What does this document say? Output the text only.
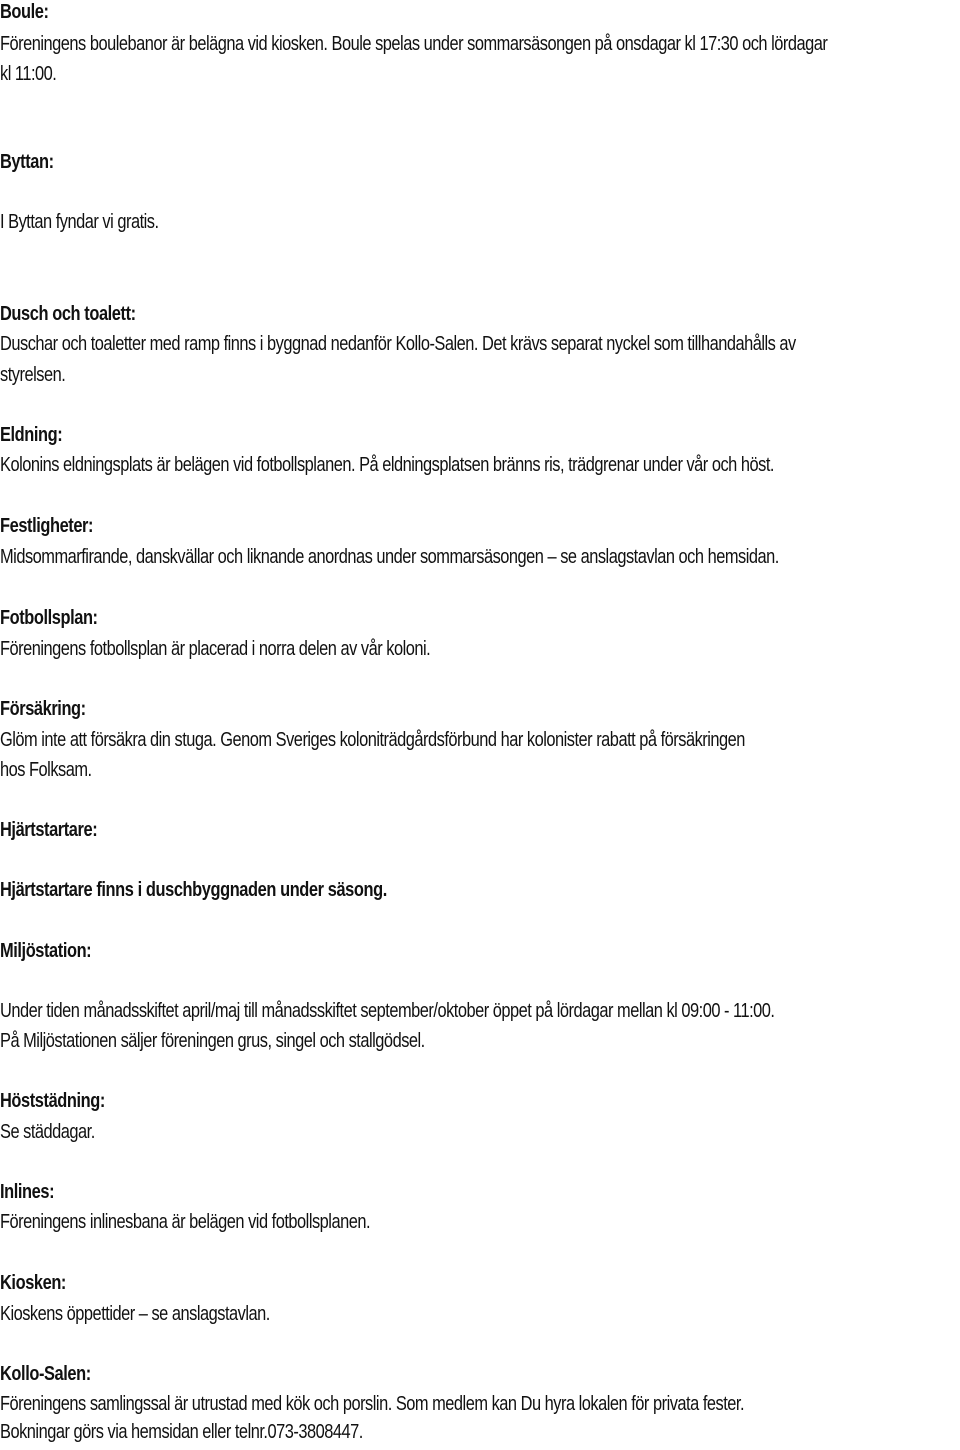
Boule:

Föreningens boulebanor är belägna vid kiosken. Boule spelas under sommarsäsongen på onsdagar kl 17:30 och lördagar

kl 11:00.

Byttan:

I Byttan fyndar vi gratis.

Dusch och toalett:

Duschar och toaletter med ramp finns i byggnad nedanför Kollo-Salen. Det krävs separat nyckel som tillhandahålls av

styrelsen.

Eldning:

Kolonins eldningsplats är belägen vid fotbollsplanen. På eldningsplatsen bränns ris, trädgrenar under vår och höst.

Festligheter:

Midsommarfirande, danskvällar och liknande anordnas under sommarsäsongen – se anslagstavlan och hemsidan.

Fotbollsplan:

Föreningens fotbollsplan är placerad i norra delen av vår koloni.

Försäkring:

Glöm inte att försäkra din stuga. Genom Sveriges koloniträdgårdsförbund har kolonister rabatt på försäkringen

hos Folksam.

Hjärtstartare:

Hjärtstartare finns i duschbyggnaden under säsong.

Miljöstation:

Under tiden månadsskiftet april/maj till månadsskiftet september/oktober öppet på lördagar mellan kl 09:00 - 11:00.

På Miljöstationen säljer föreningen grus, singel och stallgödsel.

Höststädning:

Se städdagar.

Inlines:

Föreningens inlinesbana är belägen vid fotbollsplanen.

Kiosken:

Kioskens öppettider – se anslagstavlan.

Kollo-Salen:

Föreningens samlingssal är utrustad med kök och porslin. Som medlem kan Du hyra lokalen för privata fester.

Bokningar görs via hemsidan eller telnr.073-3808447.
